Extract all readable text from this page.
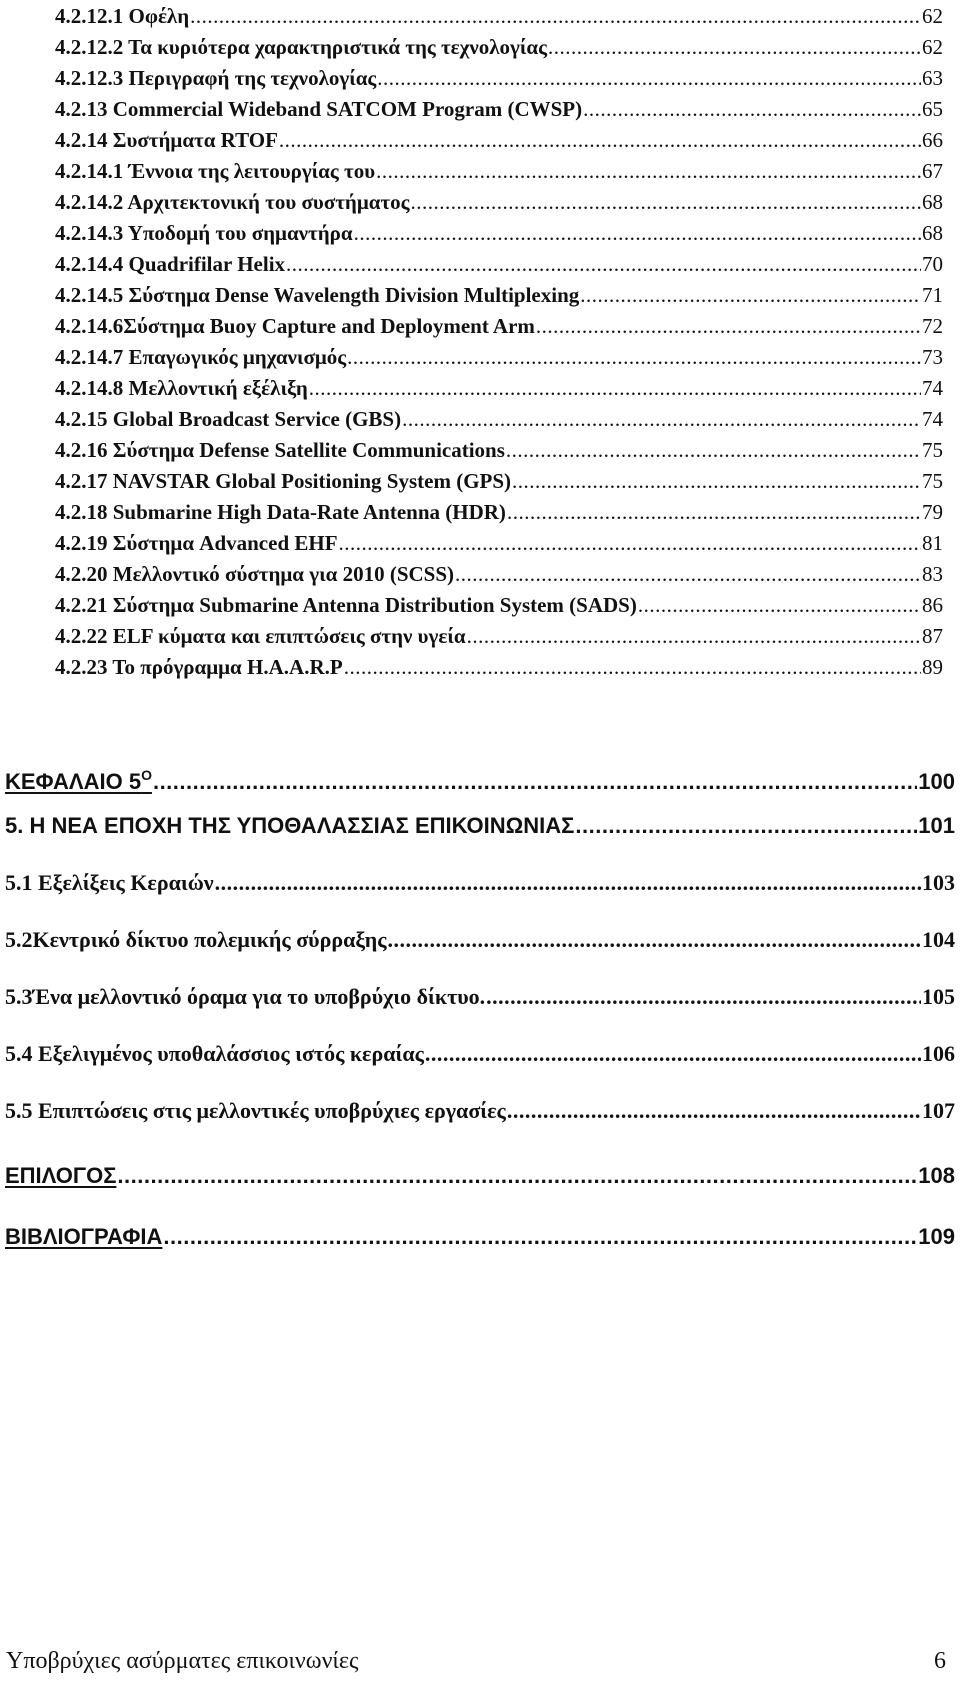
4.2.12.1 Οφέλη .....	62
4.2.12.2 Τα κυριότερα χαρακτηριστικά της τεχνολογίας .....	62
4.2.12.3 Περιγραφή της τεχνολογίας .....	63
4.2.13 Commercial Wideband SATCOM Program (CWSP) .....	65
4.2.14 Συστήματα RTOF .....	66
4.2.14.1 Έννοια της λειτουργίας του .....	67
4.2.14.2 Αρχιτεκτονική του συστήματος .....	68
4.2.14.3 Υποδομή του σημαντήρα .....	68
4.2.14.4 Quadrifilar Helix .....	70
4.2.14.5 Σύστημα Dense Wavelength Division Multiplexing .....	71
4.2.14.6Σύστημα Buoy Capture and Deployment Arm .....	72
4.2.14.7 Επαγωγικός μηχανισμός .....	73
4.2.14.8 Μελλοντική εξέλιξη .....	74
4.2.15 Global Broadcast Service (GBS) .....	74
4.2.16 Σύστημα Defense Satellite Communications .....	75
4.2.17 NAVSTAR Global Positioning System (GPS) .....	75
4.2.18 Submarine High Data-Rate Antenna (HDR) .....	79
4.2.19 Σύστημα Advanced EHF .....	81
4.2.20 Μελλοντικό σύστημα για 2010 (SCSS) .....	83
4.2.21 Σύστημα Submarine Antenna Distribution System (SADS) .....	86
4.2.22 ELF κύματα και επιπτώσεις στην υγεία .....	87
4.2.23 Το πρόγραμμα Η.Α.Α.R.Ρ .....	89
ΚΕΦΑΛΑΙΟ $5^O$ .....	100
5. Η ΝΕΑ ΕΠΟΧΗ ΤΗΣ ΥΠΟΘΑΛΑΣΣΙΑΣ ΕΠΙΚΟΙΝΩΝΙΑΣ .....	101
5.1 Εξελίξεις Κεραιών .....	103
5.2Κεντρικό δίκτυο πολεμικής σύρραξης .....	104
5.3Ένα μελλοντικό όραμα για το υποβρύχιο δίκτυο. .....	105
5.4 Εξελιγμένος υποθαλάσσιος ιστός κεραίας .....	106
5.5 Επιπτώσεις στις μελλοντικές υποβρύχιες εργασίες .....	107
ΕΠΙΛΟΓΟΣ .....	108
ΒΙΒΛΙΟΓΡΑΦΙΑ .....	109
Υποβρύχιες ασύρματες επικοινωνίες	6
